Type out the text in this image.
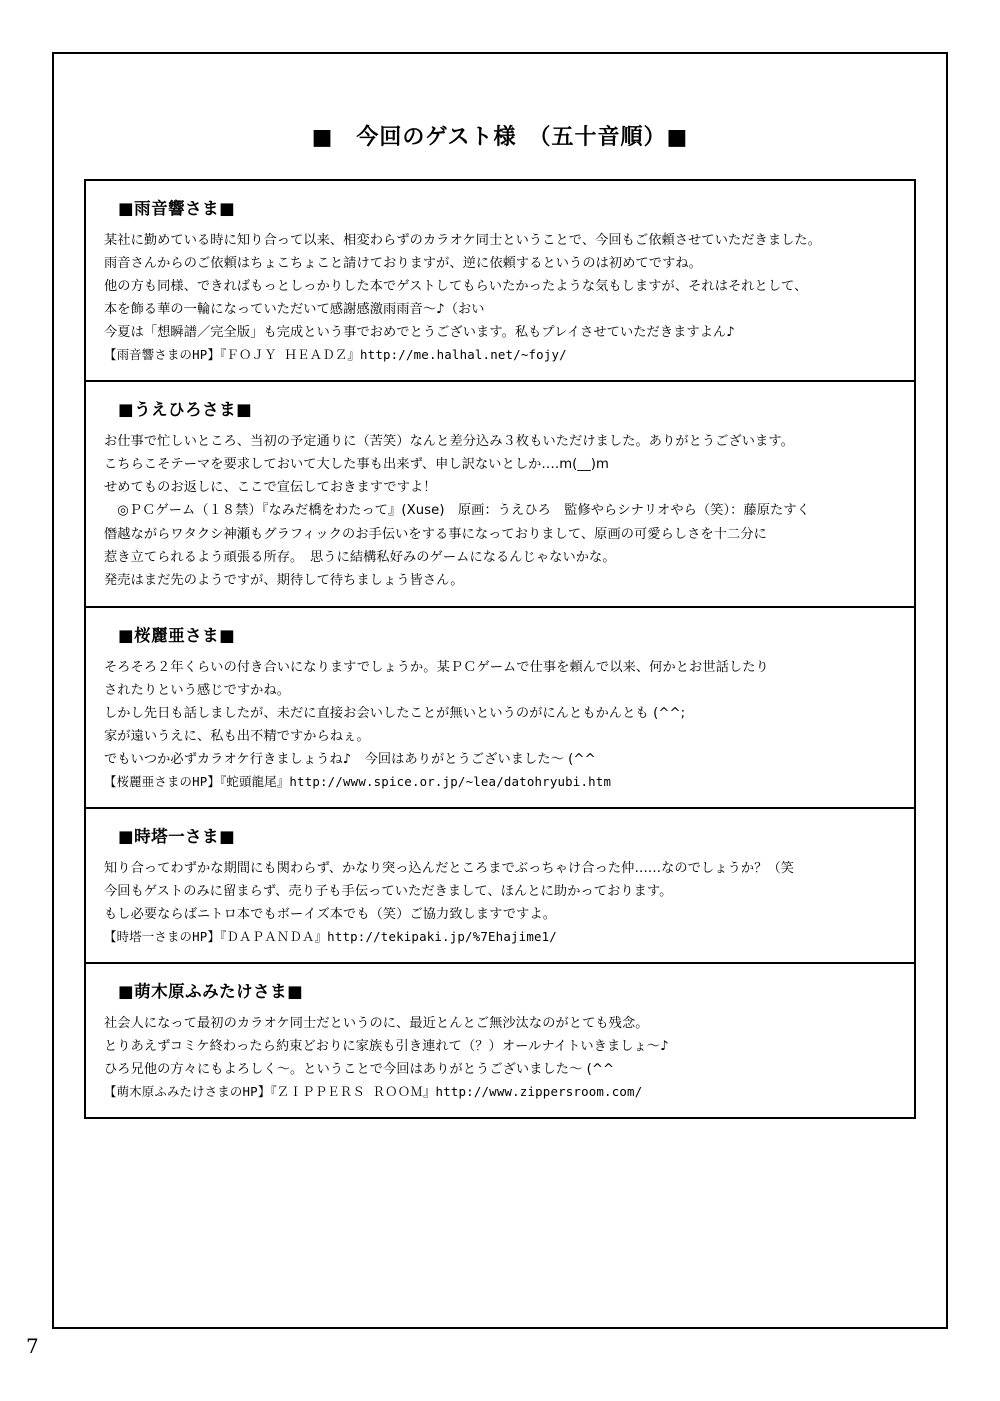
■　今回のゲスト様　（五十音順）■
■雨音響さま■
某社に勤めている時に知り合って以来、相変わらずのカラオケ同士ということで、今回もご依頼させていただきました。
雨音さんからのご依頼はちょこちょこと請けておりますが、逆に依頼するというのは初めてですね。
他の方も同様、できればもっとしっかりした本でゲストしてもらいたかったような気もしますが、それはそれとして、
本を飾る華の一輪になっていただいて感謝感激雨雨音〜♪（おい
今夏は「想瞬譜／完全版」も完成という事でおめでとうございます。私もプレイさせていただきますよん♪
【雨音響さまのHP】『ＦＯＪＹ ＨＥＡＤＺ』http://me.halhal.net/~fojy/
■うえひろさま■
お仕事で忙しいところ、当初の予定通りに（苦笑）なんと差分込み３枚もいただけました。ありがとうございます。
こちらこそテーマを要求しておいて大した事も出来ず、申し訳ないとしか‥‥m(__)m
せめてものお返しに、ここで宣伝しておきますですよ！
　◎ＰＣゲーム（１８禁）『なみだ橋をわたって』(Xuse)　原画：うえひろ　監修やらシナリオやら（笑）：藤原たすく
僭越ながらワタクシ神瀬もグラフィックのお手伝いをする事になっておりまして、原画の可愛らしさを十二分に
惹き立てられるよう頑張る所存。　思うに結構私好みのゲームになるんじゃないかな。
発売はまだ先のようですが、期待して待ちましょう皆さん。
■桜麗亜さま■
そろそろ２年くらいの付き合いになりますでしょうか。某ＰＣゲームで仕事を頼んで以来、何かとお世話したり
されたりという感じですかね。
しかし先日も話しましたが、未だに直接お会いしたことが無いというのがにんともかんとも (^^;
家が遠いうえに、私も出不精ですからねぇ。
でもいつか必ずカラオケ行きましょうね♪　今回はありがとうございました〜 (^^
【桜麗亜さまのHP】『蛇頭龍尾』http://www.spice.or.jp/~lea/datohryubi.htm
■時塔一さま■
知り合ってわずかな期間にも関わらず、かなり突っ込んだところまでぶっちゃけ合った仲‥‥‥なのでしょうか？（笑
今回もゲストのみに留まらず、売り子も手伝っていただきまして、ほんとに助かっております。
もし必要ならばニトロ本でもボーイズ本でも（笑）ご協力致しますですよ。
【時塔一さまのHP】『ＤＡＰＡＮＤＡ』http://tekipaki.jp/%7Ehajime1/
■萌木原ふみたけさま■
社会人になって最初のカラオケ同士だというのに、最近とんとご無沙汰なのがとても残念。
とりあえずコミケ終わったら約束どおりに家族も引き連れて（？）オールナイトいきましょ〜♪
ひろ兄他の方々にもよろしく〜。ということで今回はありがとうございました〜 (^^
【萌木原ふみたけさまのHP】『ＺＩＰＰＥＲＳ ＲＯＯＭ』http://www.zippersroom.com/
7
